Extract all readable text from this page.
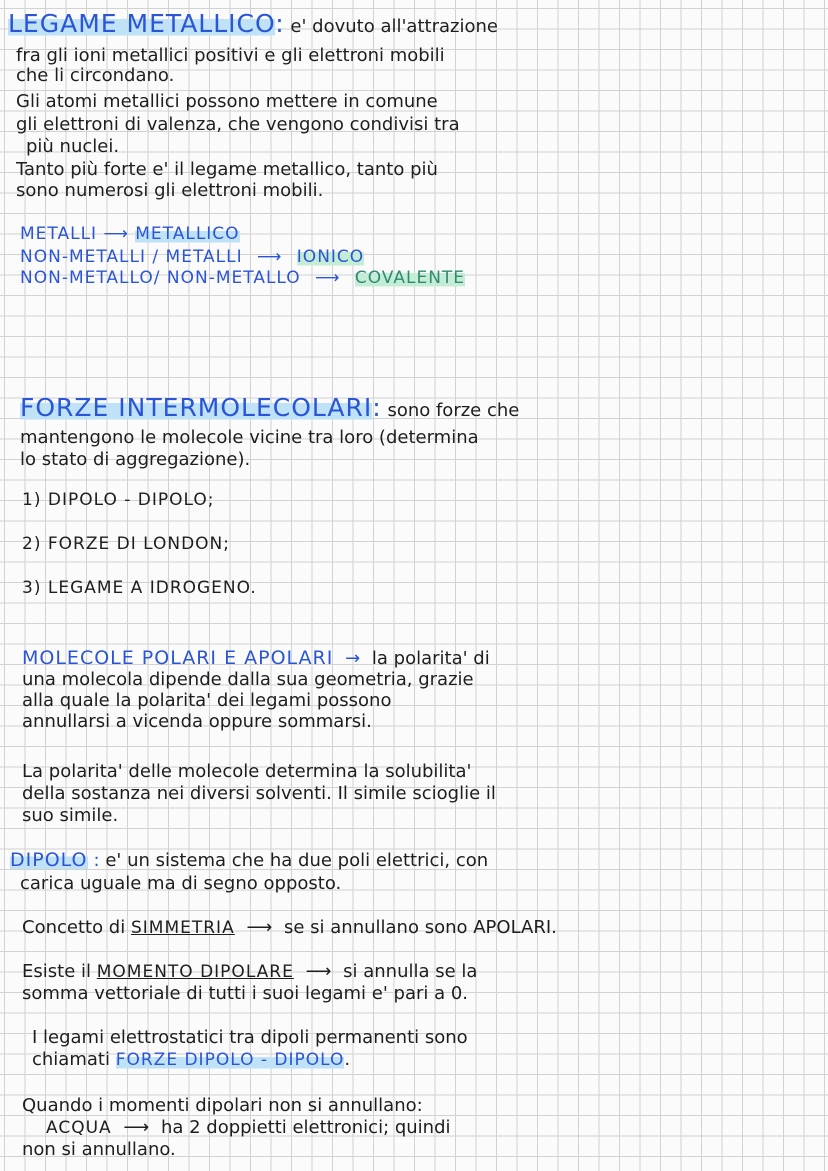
LEGAME METALLICO: e' dovuto all'attrazione
fra gli ioni metallici positivi e gli elettroni mobili
che li circondano.
Gli atomi metallici possono mettere in comune
gli elettroni di valenza, che vengono condivisi tra
più nuclei.
Tanto più forte e' il legame metallico, tanto più
sono numerosi gli elettroni mobili.
METALLI ⟶ METALLICO
NON-METALLI / METALLI ⟶ IONICO
NON-METALLO/ NON-METALLO ⟶ COVALENTE
FORZE INTERMOLECOLARI: sono forze che
mantengono le molecole vicine tra loro (determina
lo stato di aggregazione).
1) DIPOLO - DIPOLO;
2) FORZE DI LONDON;
3) LEGAME A IDROGENO.
MOLECOLE POLARI E APOLARI → la polarita' di
una molecola dipende dalla sua geometria, grazie
alla quale la polarita' dei legami possono
annullarsi a vicenda oppure sommarsi.
La polarita' delle molecole determina la solubilita'
della sostanza nei diversi solventi. Il simile scioglie il
suo simile.
DIPOLO : e' un sistema che ha due poli elettrici, con
carica uguale ma di segno opposto.
Concetto di SIMMETRIA ⟶ se si annullano sono APOLARI.
Esiste il MOMENTO DIPOLARE ⟶ si annulla se la
somma vettoriale di tutti i suoi legami e' pari a 0.
I legami elettrostatici tra dipoli permanenti sono
chiamati FORZE DIPOLO - DIPOLO.
Quando i momenti dipolari non si annullano:
ACQUA ⟶ ha 2 doppietti elettronici; quindi
non si annullano.
